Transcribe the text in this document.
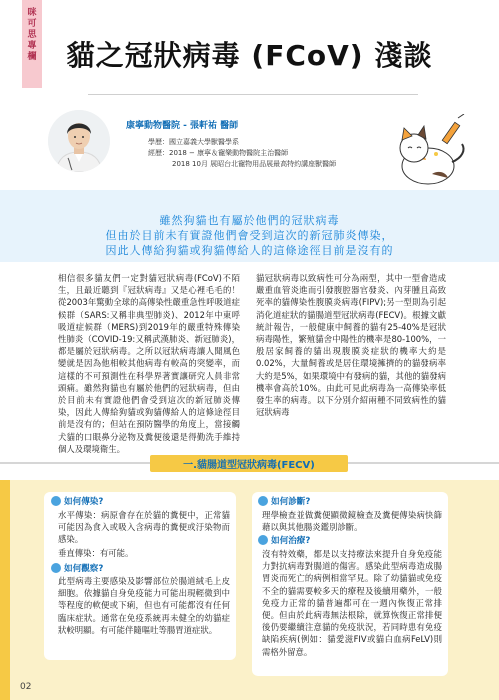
咪可思專欄	貓之冠狀病毒 (FCoV) 淺談
康寧動物醫院 - 張軒祐 醫師
學歷：國立嘉義大學獸醫學系
經歷：2018 − 康寧＆寵樂動物醫院主治醫師
2018 10月 展昭台北寵物用品展最高特約講座獸醫師
雖然狗貓也有屬於他們的冠狀病毒
但由於目前未有實證他們會受到這次的新冠肺炎傳染，
因此人傳給狗貓或狗貓傳給人的這條途徑目前是沒有的
相信很多貓友們一定對貓冠狀病毒(FCoV)不陌生，且最近聽到『冠狀病毒』又是心裡毛毛的！從2003年驚動全球的高傳染性嚴重急性呼吸道症候群（SARS:又稱非典型肺炎)、2012年中東呼吸道症候群（MERS)到2019年的嚴重特殊傳染性肺炎（COVID-19:又稱武漢肺炎、新冠肺炎)，都是屬於冠狀病毒。之所以冠狀病毒讓人聞風色變就是因為他相較其他病毒有較高的突變率，而這樣的不可預測性在科學界著實讓研究人員非常頭痛。雖然狗貓也有屬於他們的冠狀病毒，但由於目前未有實證他們會受到這次的新冠肺炎傳染，因此人傳給狗貓或狗貓傳給人的這條途徑目前是沒有的；但站在預防醫學的角度上，當接觸犬貓的口眼鼻分泌物及糞便後還是得勤洗手維持個人及環境衛生。
貓冠狀病毒以致病性可分為兩型，其中一型會造成嚴重血管炎進而引發腹腔器官發炎、內芽腫且高致死率的貓傳染性腹膜炎病毒(FIPV);另一型則為引起消化道症狀的貓腸道型冠狀病毒(FECV)。根據文獻統計報告，一般健康中飼養的貓有25-40%是冠狀病毒陽性，繁殖貓舍中陽性的機率是80-100%，一般居家飼養的貓出現腹膜炎症狀的機率大約是0.02%，大量飼養或是居住環境擁擠的的貓發病率大約是5%，如果環境中有發病的貓，其他的貓發病機率會高於10%。由此可見此病毒為一高傳染率低發生率的病毒。以下分別介紹兩種不同致病性的貓冠狀病毒
一.貓腸道型冠狀病毒(FECV)
如何傳染?
水平傳染：病原會存在於貓的糞便中，正常貓可能因為食入或吸入含病毒的糞便或汙染物而感染。
垂直傳染：有可能。
如何觀察?
此型病毒主要感染及影響部位於腸道絨毛上皮細胞。依據貓自身免疫能力可能出現輕微到中等程度的軟便或下痢，但也有可能都沒有任何臨床症狀。通常在免疫系統再未健全的幼貓症狀較明顯。有可能伴隨嘔吐等腸胃道症狀。
如何診斷?
理學檢查並做糞便顯微鏡檢查及糞便傳染病快篩藉以與其他腸炎鑑別診斷。
如何治療?
沒有特效藥，都是以支持療法來提升自身免疫能力對抗病毒對腸道的傷害。感染此型病毒造成腸胃炎而死亡的病例相當罕見。除了幼貓貓或免疫不全的貓需要較多天的療程及後續用藥外，一般免疫力正常的貓普遍都可在一週內恢復正常排便。但由於此病毒無法根除，就算恢復正常排便後仍要繼續注意貓的免疫狀況，若同時患有免疫缺陷疾病(例如：貓愛滋FIV或貓白血病FeLV)則需格外留意。
02
